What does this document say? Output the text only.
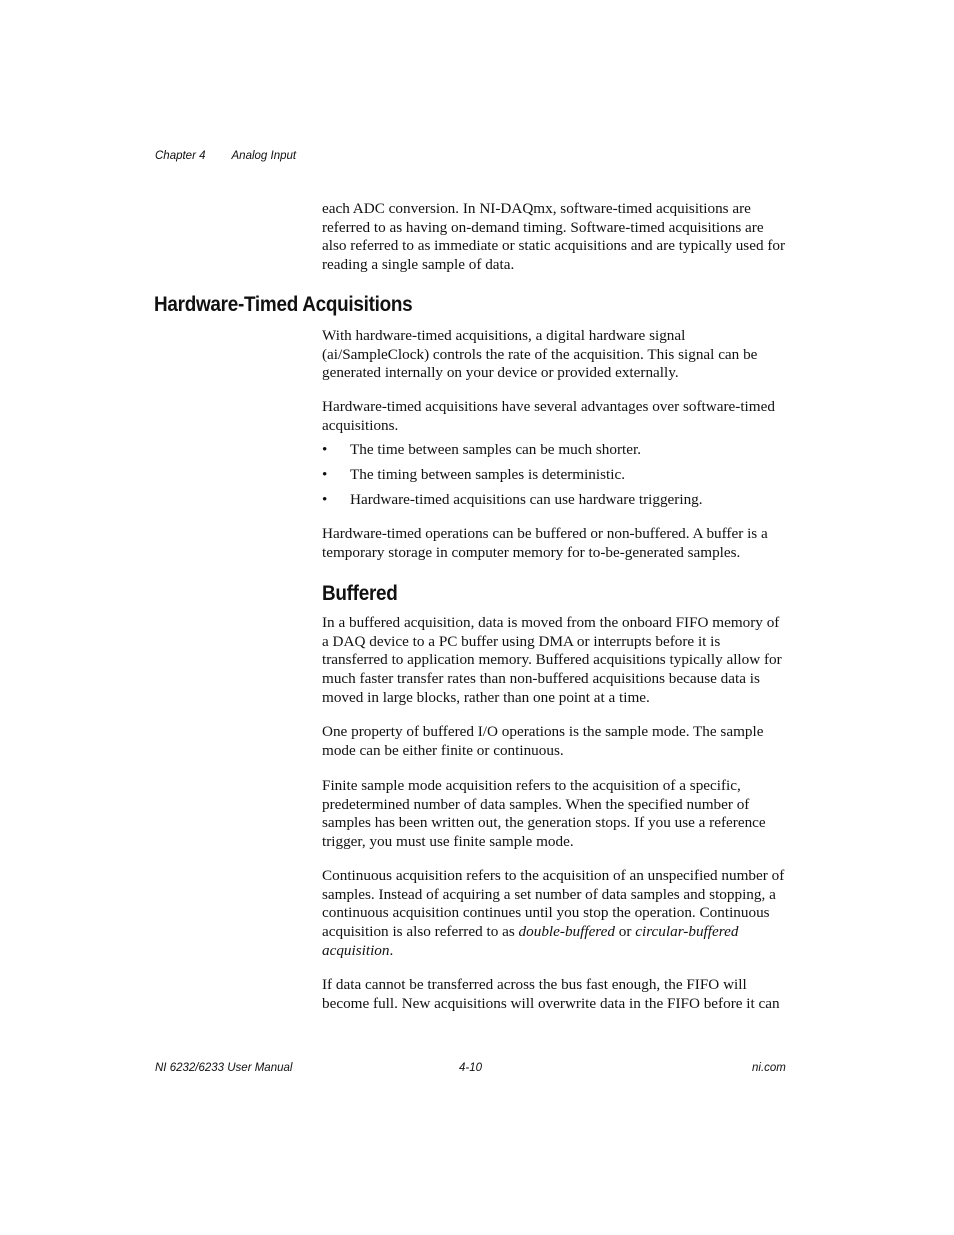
Chapter 4 Analog Input

each ADC conversion. In NI-DAQmx, software-timed acquisitions are referred to as having on-demand timing. Software-timed acquisitions are also referred to as immediate or static acquisitions and are typically used for reading a single sample of data.

Hardware-Timed Acquisitions

With hardware-timed acquisitions, a digital hardware signal (ai/SampleClock) controls the rate of the acquisition. This signal can be generated internally on your device or provided externally.

Hardware-timed acquisitions have several advantages over software-timed acquisitions.

• The time between samples can be much shorter.
• The timing between samples is deterministic.
• Hardware-timed acquisitions can use hardware triggering.

Hardware-timed operations can be buffered or non-buffered. A buffer is a temporary storage in computer memory for to-be-generated samples.

Buffered

In a buffered acquisition, data is moved from the onboard FIFO memory of a DAQ device to a PC buffer using DMA or interrupts before it is transferred to application memory. Buffered acquisitions typically allow for much faster transfer rates than non-buffered acquisitions because data is moved in large blocks, rather than one point at a time.

One property of buffered I/O operations is the sample mode. The sample mode can be either finite or continuous.

Finite sample mode acquisition refers to the acquisition of a specific, predetermined number of data samples. When the specified number of samples has been written out, the generation stops. If you use a reference trigger, you must use finite sample mode.

Continuous acquisition refers to the acquisition of an unspecified number of samples. Instead of acquiring a set number of data samples and stopping, a continuous acquisition continues until you stop the operation. Continuous acquisition is also referred to as double-buffered or circular-buffered acquisition.

If data cannot be transferred across the bus fast enough, the FIFO will become full. New acquisitions will overwrite data in the FIFO before it can

NI 6232/6233 User Manual	4-10	ni.com
